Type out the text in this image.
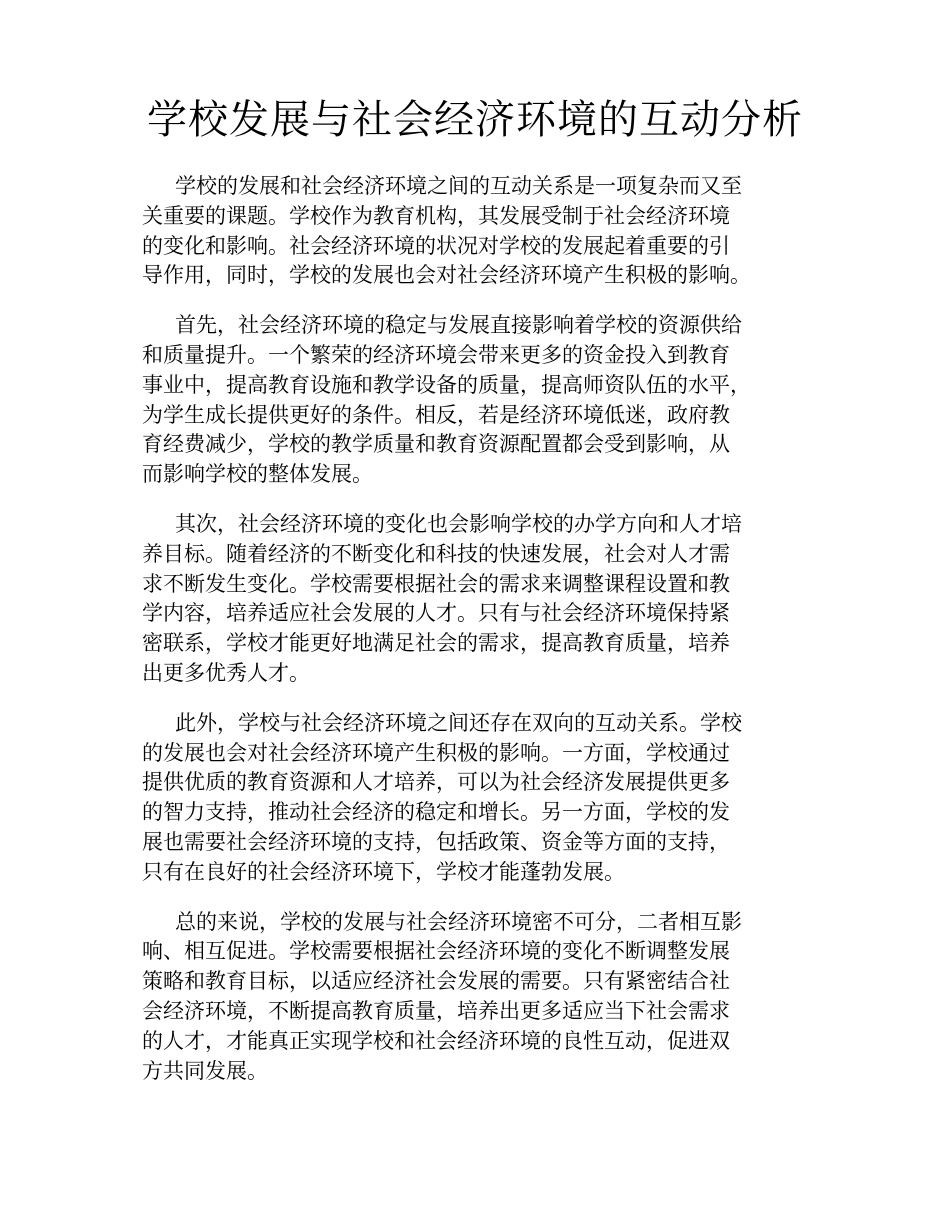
学校发展与社会经济环境的互动分析

学校的发展和社会经济环境之间的互动关系是一项复杂而又至
关重要的课题。学校作为教育机构，其发展受制于社会经济环境
的变化和影响。社会经济环境的状况对学校的发展起着重要的引
导作用，同时，学校的发展也会对社会经济环境产生积极的影响。

首先，社会经济环境的稳定与发展直接影响着学校的资源供给
和质量提升。一个繁荣的经济环境会带来更多的资金投入到教育
事业中，提高教育设施和教学设备的质量，提高师资队伍的水平，
为学生成长提供更好的条件。相反，若是经济环境低迷，政府教
育经费减少，学校的教学质量和教育资源配置都会受到影响，从
而影响学校的整体发展。

其次，社会经济环境的变化也会影响学校的办学方向和人才培
养目标。随着经济的不断变化和科技的快速发展，社会对人才需
求不断发生变化。学校需要根据社会的需求来调整课程设置和教
学内容，培养适应社会发展的人才。只有与社会经济环境保持紧
密联系，学校才能更好地满足社会的需求，提高教育质量，培养
出更多优秀人才。

此外，学校与社会经济环境之间还存在双向的互动关系。学校
的发展也会对社会经济环境产生积极的影响。一方面，学校通过
提供优质的教育资源和人才培养，可以为社会经济发展提供更多
的智力支持，推动社会经济的稳定和增长。另一方面，学校的发
展也需要社会经济环境的支持，包括政策、资金等方面的支持，
只有在良好的社会经济环境下，学校才能蓬勃发展。

总的来说，学校的发展与社会经济环境密不可分，二者相互影
响、相互促进。学校需要根据社会经济环境的变化不断调整发展
策略和教育目标，以适应经济社会发展的需要。只有紧密结合社
会经济环境，不断提高教育质量，培养出更多适应当下社会需求
的人才，才能真正实现学校和社会经济环境的良性互动，促进双
方共同发展。
